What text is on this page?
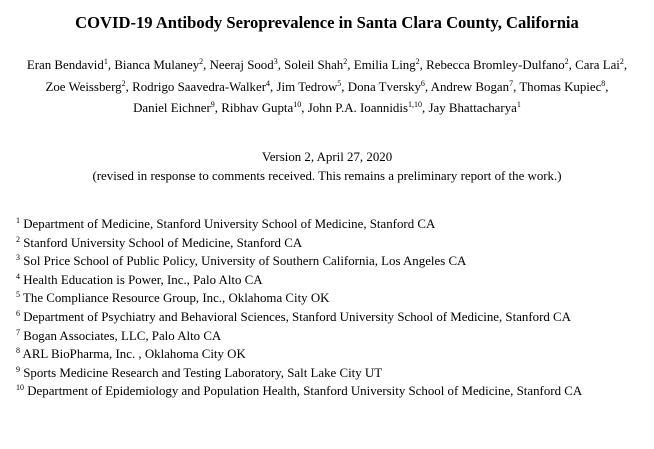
COVID-19 Antibody Seroprevalence in Santa Clara County, California
Eran Bendavid$^1$, Bianca Mulaney$^2$, Neeraj Sood$^3$, Soleil Shah$^2$, Emilia Ling$^2$, Rebecca Bromley-Dulfano$^2$, Cara Lai$^2$, Zoe Weissberg$^2$, Rodrigo Saavedra-Walker$^4$, Jim Tedrow$^5$, Dona Tversky$^6$, Andrew Bogan$^7$, Thomas Kupiec$^8$, Daniel Eichner$^9$, Ribhav Gupta$^{10}$, John P.A. Ioannidis$^{1,10}$, Jay Bhattacharya$^1$
Version 2, April 27, 2020
(revised in response to comments received. This remains a preliminary report of the work.)
$^1$ Department of Medicine, Stanford University School of Medicine, Stanford CA
$^2$ Stanford University School of Medicine, Stanford CA
$^3$ Sol Price School of Public Policy, University of Southern California, Los Angeles CA
$^4$ Health Education is Power, Inc., Palo Alto CA
$^5$ The Compliance Resource Group, Inc., Oklahoma City OK
$^6$ Department of Psychiatry and Behavioral Sciences, Stanford University School of Medicine, Stanford CA
$^7$ Bogan Associates, LLC, Palo Alto CA
$^8$ ARL BioPharma, Inc. , Oklahoma City OK
$^9$ Sports Medicine Research and Testing Laboratory, Salt Lake City UT
$^{10}$ Department of Epidemiology and Population Health, Stanford University School of Medicine, Stanford CA
